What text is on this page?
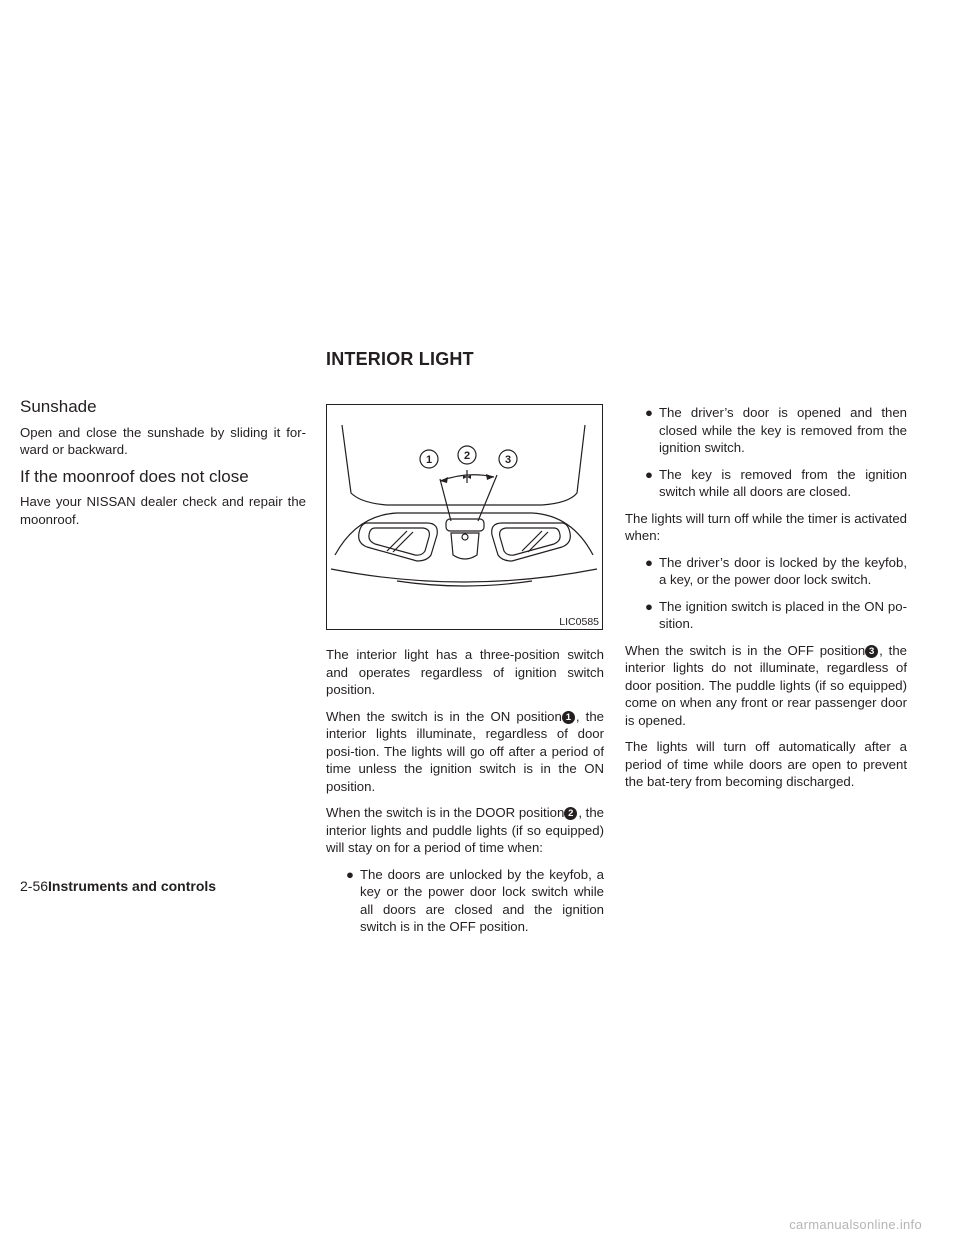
INTERIOR LIGHT
Sunshade

Open and close the sunshade by sliding it for-ward or backward.

If the moonroof does not close

Have your NISSAN dealer check and repair the moonroof.

1	2	3
LIC0585

The interior light has a three-position switch and operates regardless of ignition switch position.

When the switch is in the ON position 1 , the interior lights illuminate, regardless of door posi-tion. The lights will go off after a period of time unless the ignition switch is in the ON position.

When the switch is in the DOOR position 2 , the interior lights and puddle lights (if so equipped) will stay on for a period of time when:

● The doors are unlocked by the keyfob, a key or the power door lock switch while all doors are closed and the ignition switch is in the OFF position.
● The driver’s door is opened and then closed while the key is removed from the ignition switch.
● The key is removed from the ignition switch while all doors are closed.

The lights will turn off while the timer is activated when:

● The driver’s door is locked by the keyfob, a key, or the power door lock switch.
● The ignition switch is placed in the ON po-sition.

When the switch is in the OFF position 3 , the interior lights do not illuminate, regardless of door position. The puddle lights (if so equipped) come on when any front or rear passenger door is opened.

The lights will turn off automatically after a period of time while doors are open to prevent the bat-tery from becoming discharged.

2-56Instruments and controls
carmanualsonline.info
